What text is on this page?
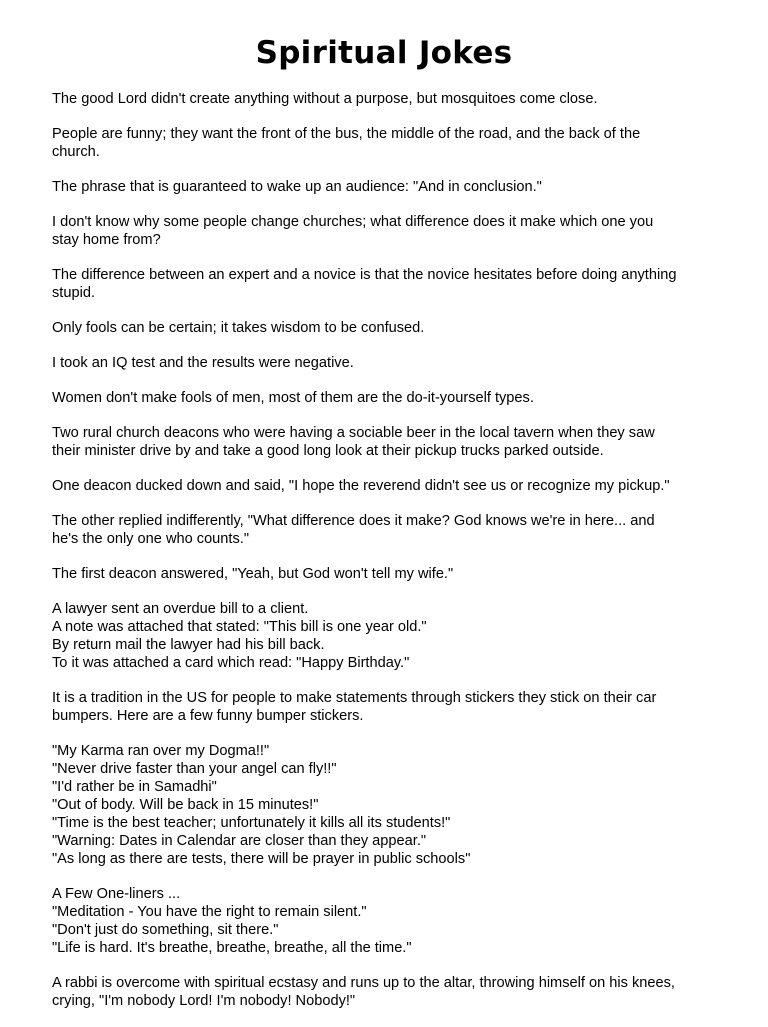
Spiritual Jokes
The good Lord didn't create anything without a purpose, but mosquitoes come close.
People are funny; they want the front of the bus, the middle of the road, and the back of the
church.
The phrase that is guaranteed to wake up an audience: "And in conclusion."
I don't know why some people change churches; what difference does it make which one you
stay home from?
The difference between an expert and a novice is that the novice hesitates before doing anything
stupid.
Only fools can be certain; it takes wisdom to be confused.
I took an IQ test and the results were negative.
Women don't make fools of men, most of them are the do-it-yourself types.
Two rural church deacons who were having a sociable beer in the local tavern when they saw
their minister drive by and take a good long look at their pickup trucks parked outside.
One deacon ducked down and said, "I hope the reverend didn't see us or recognize my pickup."
The other replied indifferently, "What difference does it make? God knows we're in here... and
he's the only one who counts."
The first deacon answered, "Yeah, but God won't tell my wife."
A lawyer sent an overdue bill to a client.
A note was attached that stated: "This bill is one year old."
By return mail the lawyer had his bill back.
To it was attached a card which read: "Happy Birthday."
It is a tradition in the US for people to make statements through stickers they stick on their car
bumpers. Here are a few funny bumper stickers.
"My Karma ran over my Dogma!!"
"Never drive faster than your angel can fly!!"
"I'd rather be in Samadhi"
"Out of body. Will be back in 15 minutes!"
"Time is the best teacher; unfortunately it kills all its students!"
"Warning: Dates in Calendar are closer than they appear."
"As long as there are tests, there will be prayer in public schools"
A Few One-liners ...
"Meditation - You have the right to remain silent."
"Don't just do something, sit there."
"Life is hard. It's breathe, breathe, breathe, all the time."
A rabbi is overcome with spiritual ecstasy and runs up to the altar, throwing himself on his knees,
crying, "I'm nobody Lord! I'm nobody! Nobody!"
